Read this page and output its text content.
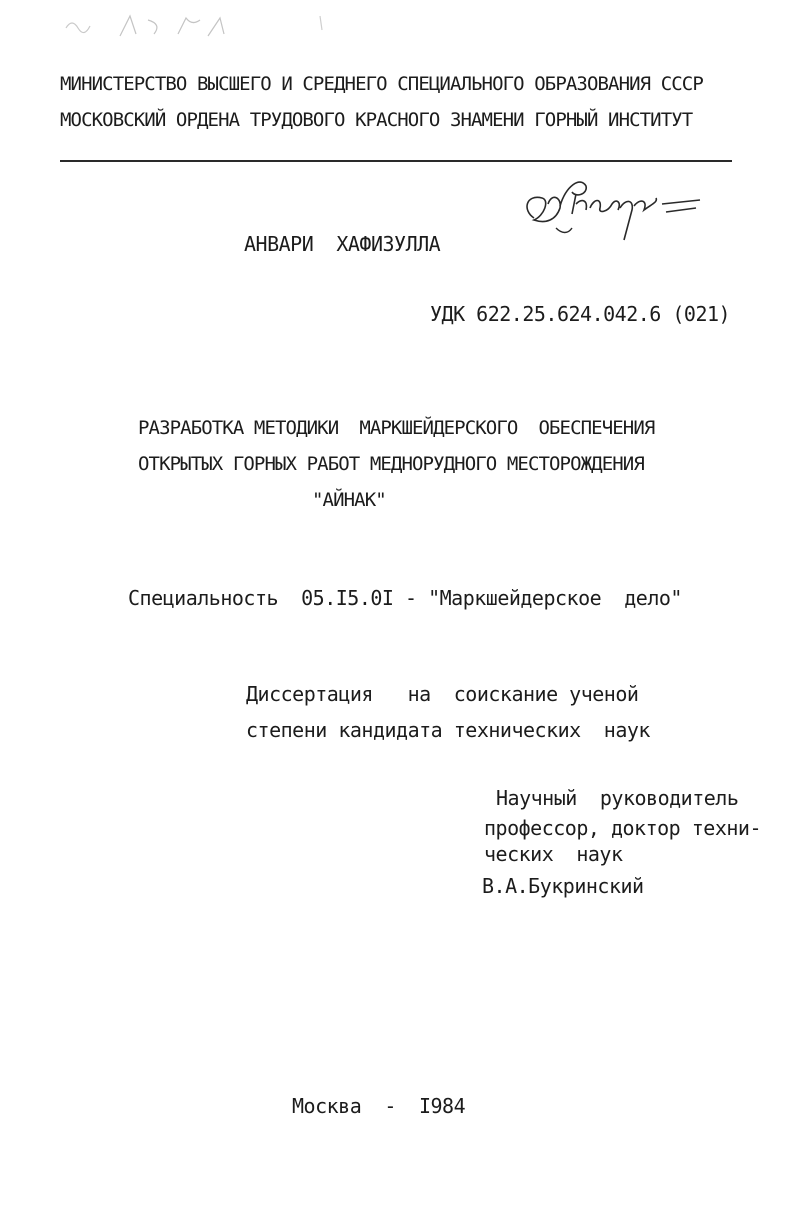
МИНИСТЕРСТВО ВЫСШЕГО И СРЕДНЕГО СПЕЦИАЛЬНОГО ОБРАЗОВАНИЯ СССР
МОСКОВСКИЙ ОРДЕНА ТРУДОВОГО КРАСНОГО ЗНАМЕНИ ГОРНЫЙ ИНСТИТУТ
АНВАРИ  ХАФИЗУЛЛА
УДК 622.25.624.042.6 (021)
РАЗРАБОТКА МЕТОДИКИ  МАРКШЕЙДЕРСКОГО  ОБЕСПЕЧЕНИЯ
ОТКРЫТЫХ ГОРНЫХ РАБОТ МЕДНОРУДНОГО МЕСТОРОЖДЕНИЯ
"АЙНАК"
Специальность  05.I5.0I - "Маркшейдерское  дело"
Диссертация   на  соискание ученой
степени кандидата технических  наук
Научный  руководитель
профессор, доктор техни-
ческих  наук
В.А.Букринский
Москва  -  I984
